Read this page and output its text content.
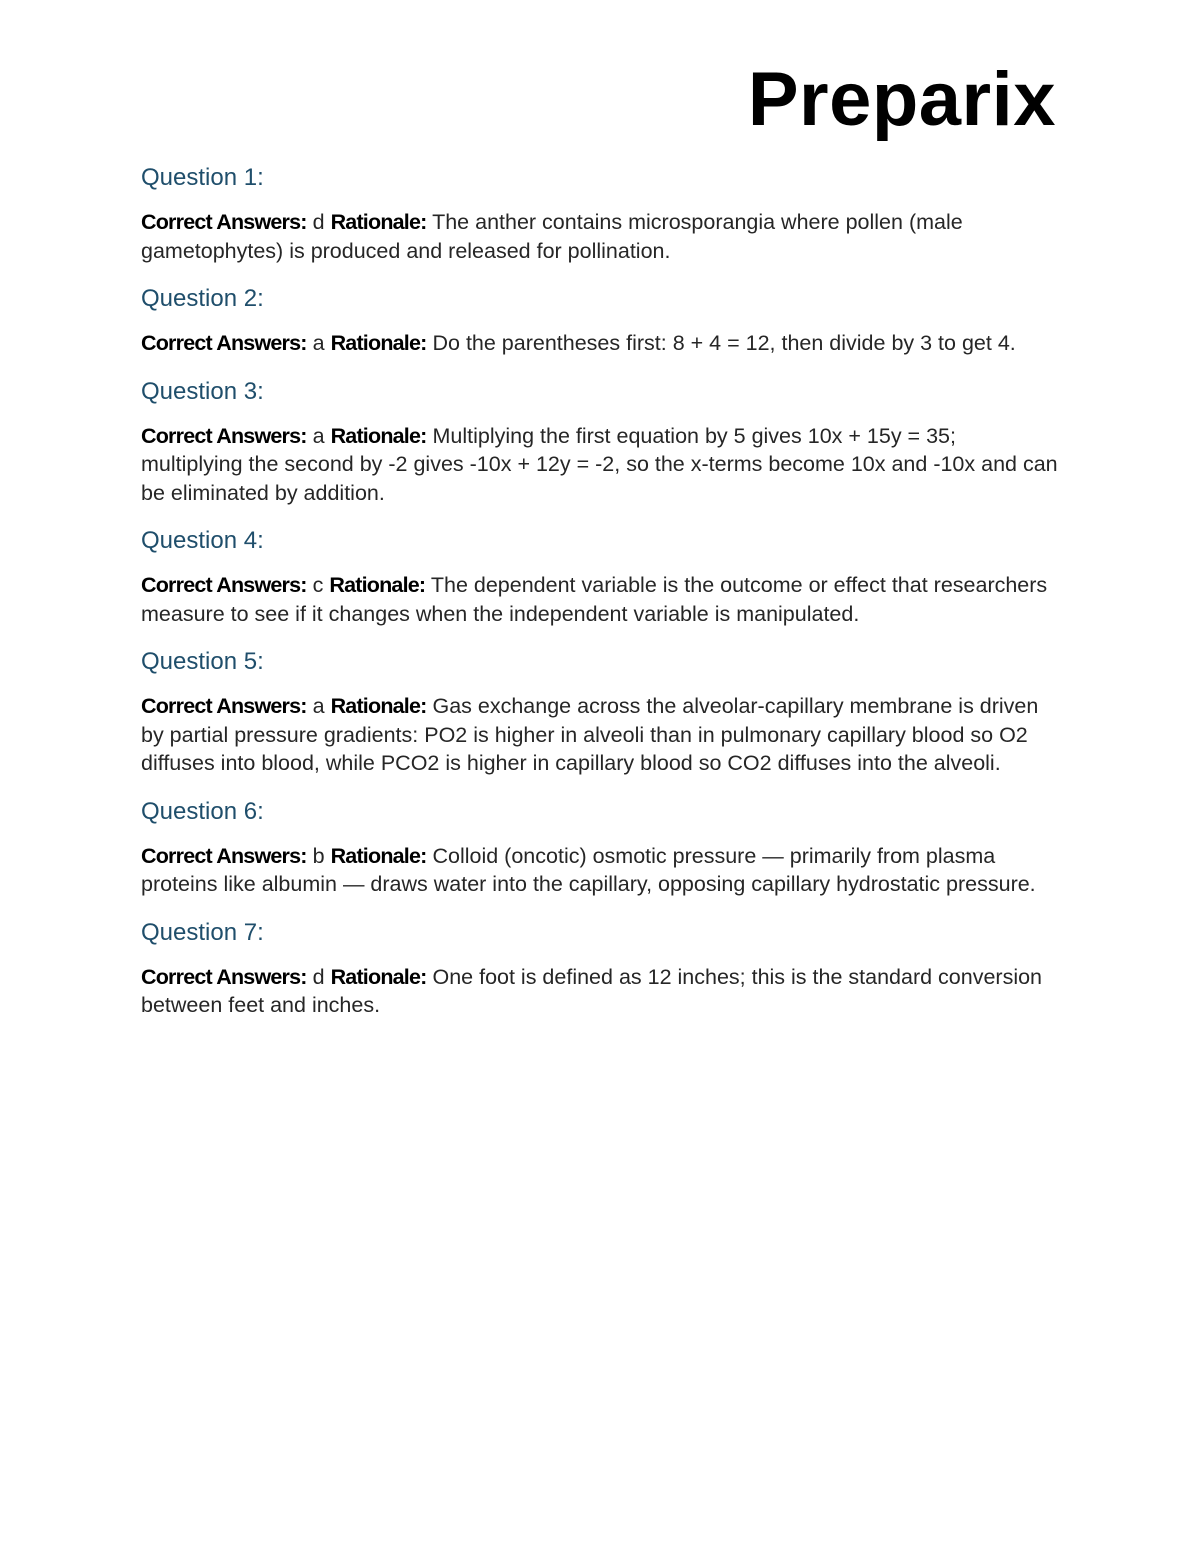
Preparix
Question 1:

Correct Answers: d Rationale: The anther contains microsporangia where pollen (male gametophytes) is produced and released for pollination.

Question 2:

Correct Answers: a Rationale: Do the parentheses first: 8 + 4 = 12, then divide by 3 to get 4.

Question 3:

Correct Answers: a Rationale: Multiplying the first equation by 5 gives 10x + 15y = 35; multiplying the second by -2 gives -10x + 12y = -2, so the x-terms become 10x and -10x and can be eliminated by addition.

Question 4:

Correct Answers: c Rationale: The dependent variable is the outcome or effect that researchers measure to see if it changes when the independent variable is manipulated.

Question 5:

Correct Answers: a Rationale: Gas exchange across the alveolar-capillary membrane is driven by partial pressure gradients: PO2 is higher in alveoli than in pulmonary capillary blood so O2 diffuses into blood, while PCO2 is higher in capillary blood so CO2 diffuses into the alveoli.

Question 6:

Correct Answers: b Rationale: Colloid (oncotic) osmotic pressure — primarily from plasma proteins like albumin — draws water into the capillary, opposing capillary hydrostatic pressure.

Question 7:

Correct Answers: d Rationale: One foot is defined as 12 inches; this is the standard conversion between feet and inches.
